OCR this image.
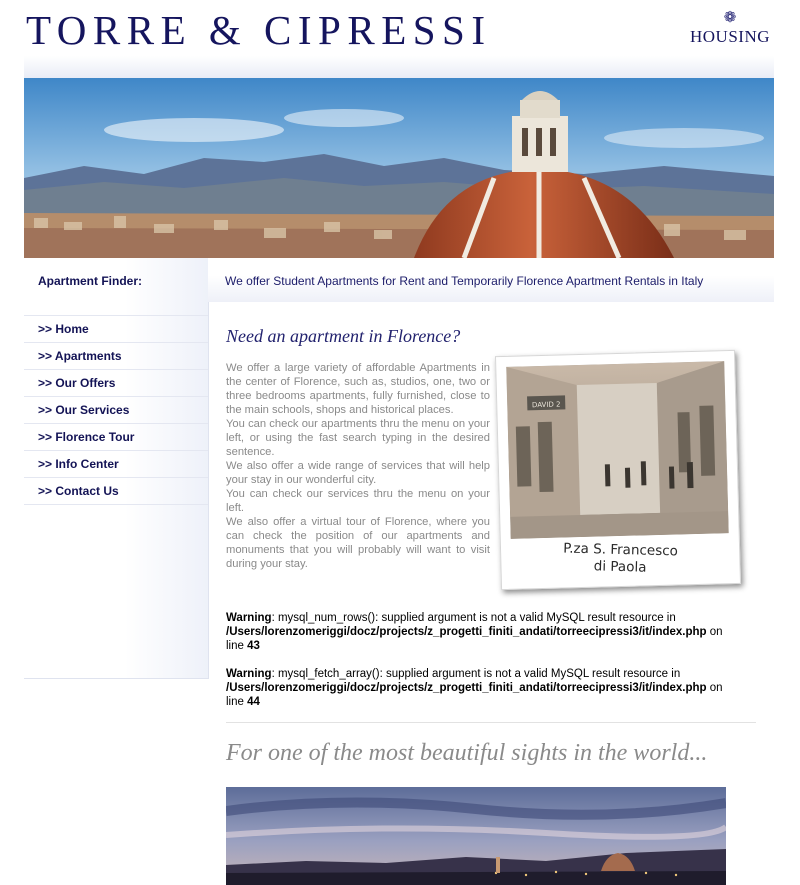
TORRE & CIPRESSI	❁
HOUSING
Apartment Finder:
>> Home
>> Apartments
>> Our Offers
>> Our Services
>> Florence Tour
>> Info Center
>> Contact Us
We offer Student Apartments for Rent and Temporarily Florence Apartment Rentals in Italy
Need an apartment in Florence?

We offer a large variety of affordable Apartments in the center of Florence, such as, studios, one, two or three bedrooms apartments, fully furnished, close to the main schools, shops and historical places.

You can check our apartments thru the menu on your left, or using the fast search typing in the desired sentence.

We also offer a wide range of services that will help your stay in our wonderful city.

You can check our services thru the menu on your left.

We also offer a virtual tour of Florence, where you can check the position of our apartments and monuments that you will probably will want to visit during your stay.

DAVID 2
P.za S. Francesco
di Paola
Warning: mysql_num_rows(): supplied argument is not a valid MySQL result resource in
/Users/lorenzomeriggi/docz/projects/z_progetti_finiti_andati/torreecipressi3/it/index.php on
line 43
Warning: mysql_fetch_array(): supplied argument is not a valid MySQL result resource in
/Users/lorenzomeriggi/docz/projects/z_progetti_finiti_andati/torreecipressi3/it/index.php on
line 44
For one of the most beautiful sights in the world...
